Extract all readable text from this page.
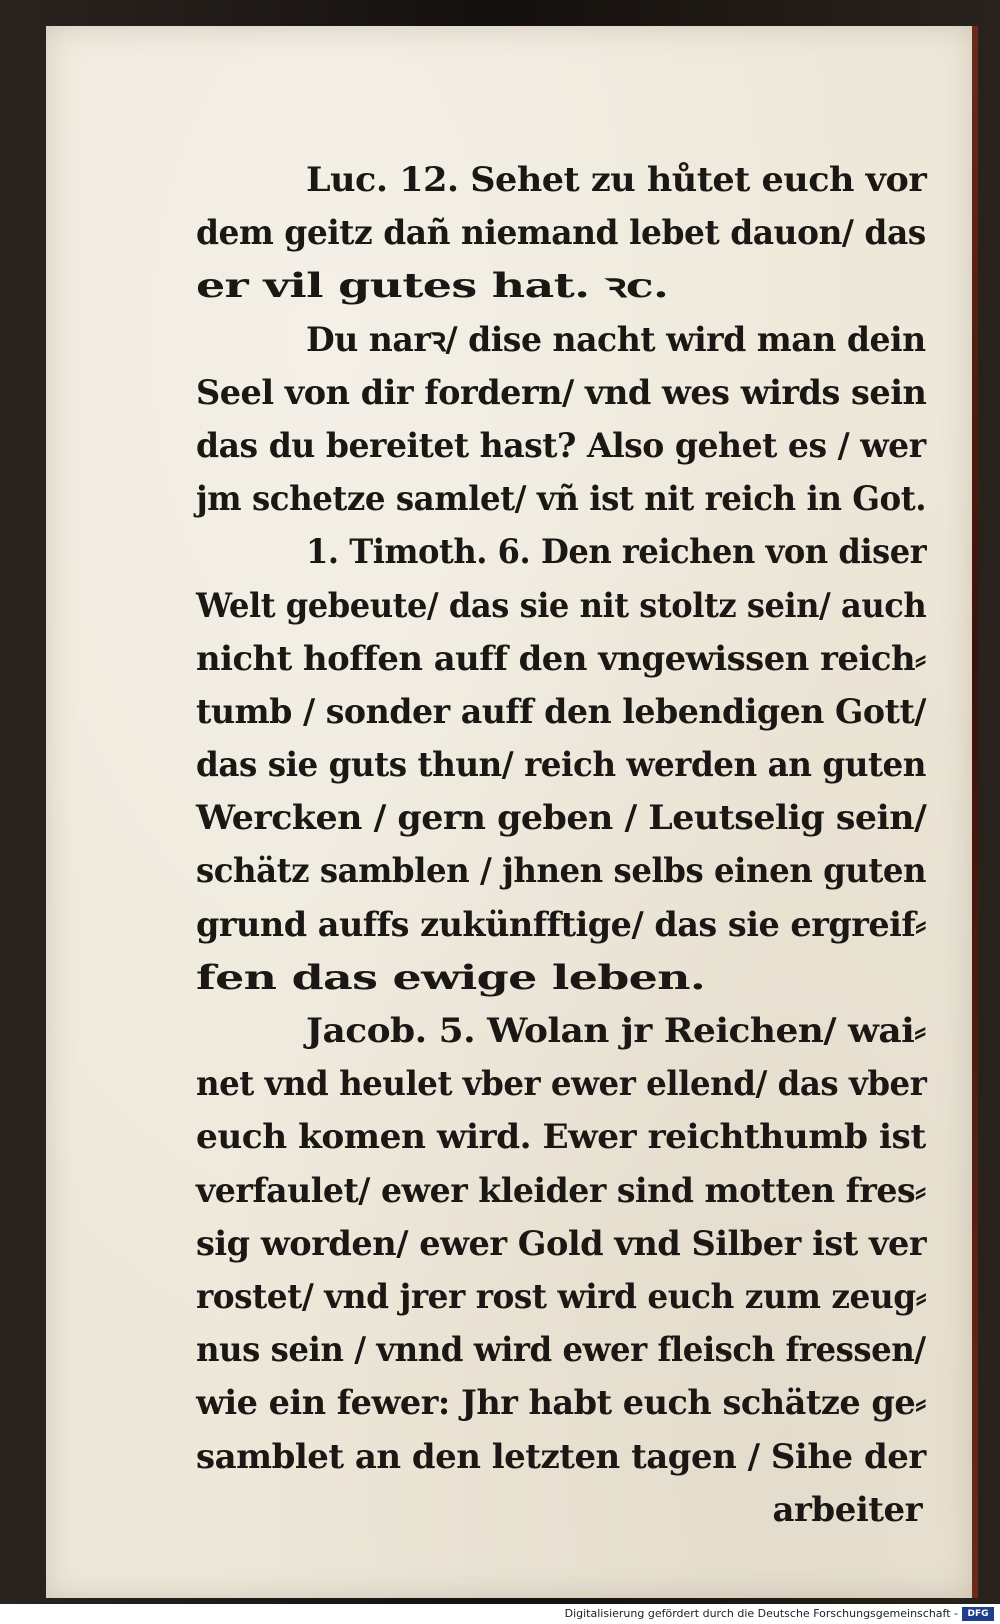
Luc. 12. Sehet zu hůtet euch vor
dem geitz dañ niemand lebet dauon/ das
er vil gutes hat. ꝛc.
Du narꝛ/ dise nacht wird man dein
Seel von dir fordern/ vnd wes wirds sein
das du bereitet hast? Also gehet es / wer
jm schetze samlet/ vñ ist nit reich in Got.
1. Timoth. 6. Den reichen von diser
Welt gebeute/ das sie nit stoltz sein/ auch
nicht hoffen auff den vngewissen reich⸗
tumb / sonder auff den lebendigen Gott/
das sie guts thun/ reich werden an guten
Wercken / gern geben / Leutselig sein/
schätz samblen / jhnen selbs einen guten
grund auffs zukünfftige/ das sie ergreif⸗
fen das ewige leben.
Jacob. 5. Wolan jr Reichen/ wai⸗
net vnd heulet vber ewer ellend/ das vber
euch komen wird. Ewer reichthumb ist
verfaulet/ ewer kleider sind motten fres⸗
sig worden/ ewer Gold vnd Silber ist ver
rostet/ vnd jrer rost wird euch zum zeug⸗
nus sein / vnnd wird ewer fleisch fressen/
wie ein fewer: Jhr habt euch schätze ge⸗
samblet an den letzten tagen / Sihe der
arbeiter
Digitalisierung gefördert durch die Deutsche Forschungsgemeinschaft -	DFG
